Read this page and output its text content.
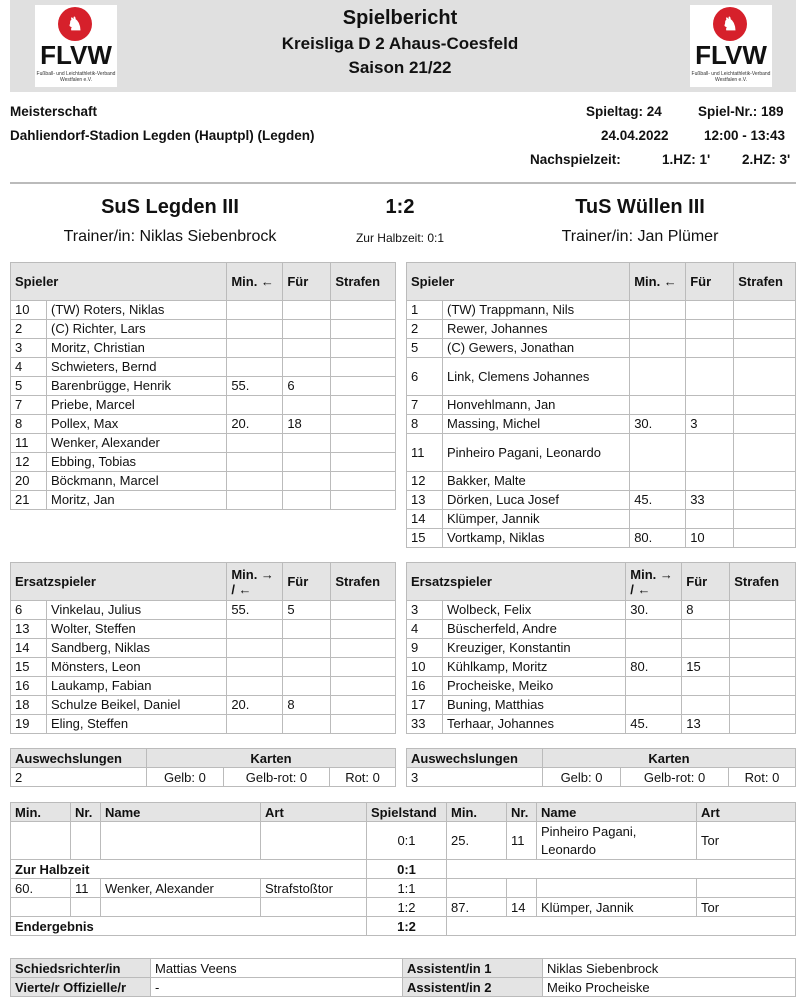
♞
FLVW
Fußball- und Leichtathletik-Verband Westfalen e.V.
♞
FLVW
Fußball- und Leichtathletik-Verband Westfalen e.V.
Spielbericht
Kreisliga D 2 Ahaus-Coesfeld
Saison 21/22
Meisterschaft
Dahliendorf-Stadion Legden (Hauptpl) (Legden)
Spieltag: 24	Spiel-Nr.: 189
24.04.2022	12:00 - 13:43
Nachspielzeit:	1.HZ: 1' 2.HZ: 3'
SuS Legden III	1:2	TuS Wüllen III
Trainer/in: Niklas Siebenbrock	Zur Halbzeit: 0:1	Trainer/in: Jan Plümer
Spieler		Min. ←	Für	Strafen
10	(TW) Roters, Niklas			
2	(C) Richter, Lars			
3	Moritz, Christian			
4	Schwieters, Bernd			
5	Barenbrügge, Henrik	55.	6	
7	Priebe, Marcel			
8	Pollex, Max	20.	18	
11	Wenker, Alexander			
12	Ebbing, Tobias			
20	Böckmann, Marcel			
21	Moritz, Jan			
Spieler		Min. ←	Für	Strafen
1	(TW) Trappmann, Nils			
2	Rewer, Johannes			
5	(C) Gewers, Jonathan			
6	Link, Clemens Johannes			
7	Honvehlmann, Jan			
8	Massing, Michel	30.	3	
11	Pinheiro Pagani, Leonardo			
12	Bakker, Malte			
13	Dörken, Luca Josef	45.	33	
14	Klümper, Jannik			
15	Vortkamp, Niklas	80.	10	
Ersatzspieler		Min. → / ←	Für	Strafen
6	Vinkelau, Julius	55.	5	
13	Wolter, Steffen			
14	Sandberg, Niklas			
15	Mönsters, Leon			
16	Laukamp, Fabian			
18	Schulze Beikel, Daniel	20.	8	
19	Eling, Steffen			
Ersatzspieler		Min. → / ←	Für	Strafen
3	Wolbeck, Felix	30.	8	
4	Büscherfeld, Andre			
9	Kreuziger, Konstantin			
10	Kühlkamp, Moritz	80.	15	
16	Procheiske, Meiko			
17	Buning, Matthias			
33	Terhaar, Johannes	45.	13	
Auswechslungen	Karten		
2	Gelb: 0	Gelb-rot: 0	Rot: 0
Auswechslungen	Karten		
3	Gelb: 0	Gelb-rot: 0	Rot: 0
Min.	Nr.	Name	Art	Spielstand	Min.	Nr.	Name	Art
				0:1	25.	11	Pinheiro Pagani, Leonardo	Tor
Zur Halbzeit				0:1				
60.	11	Wenker, Alexander	Strafstoßtor	1:1				
				1:2	87.	14	Klümper, Jannik	Tor
Endergebnis				1:2				
Schiedsrichter/in	Mattias Veens	Assistent/in 1	Niklas Siebenbrock
Vierte/r Offizielle/r	-	Assistent/in 2	Meiko Procheiske
